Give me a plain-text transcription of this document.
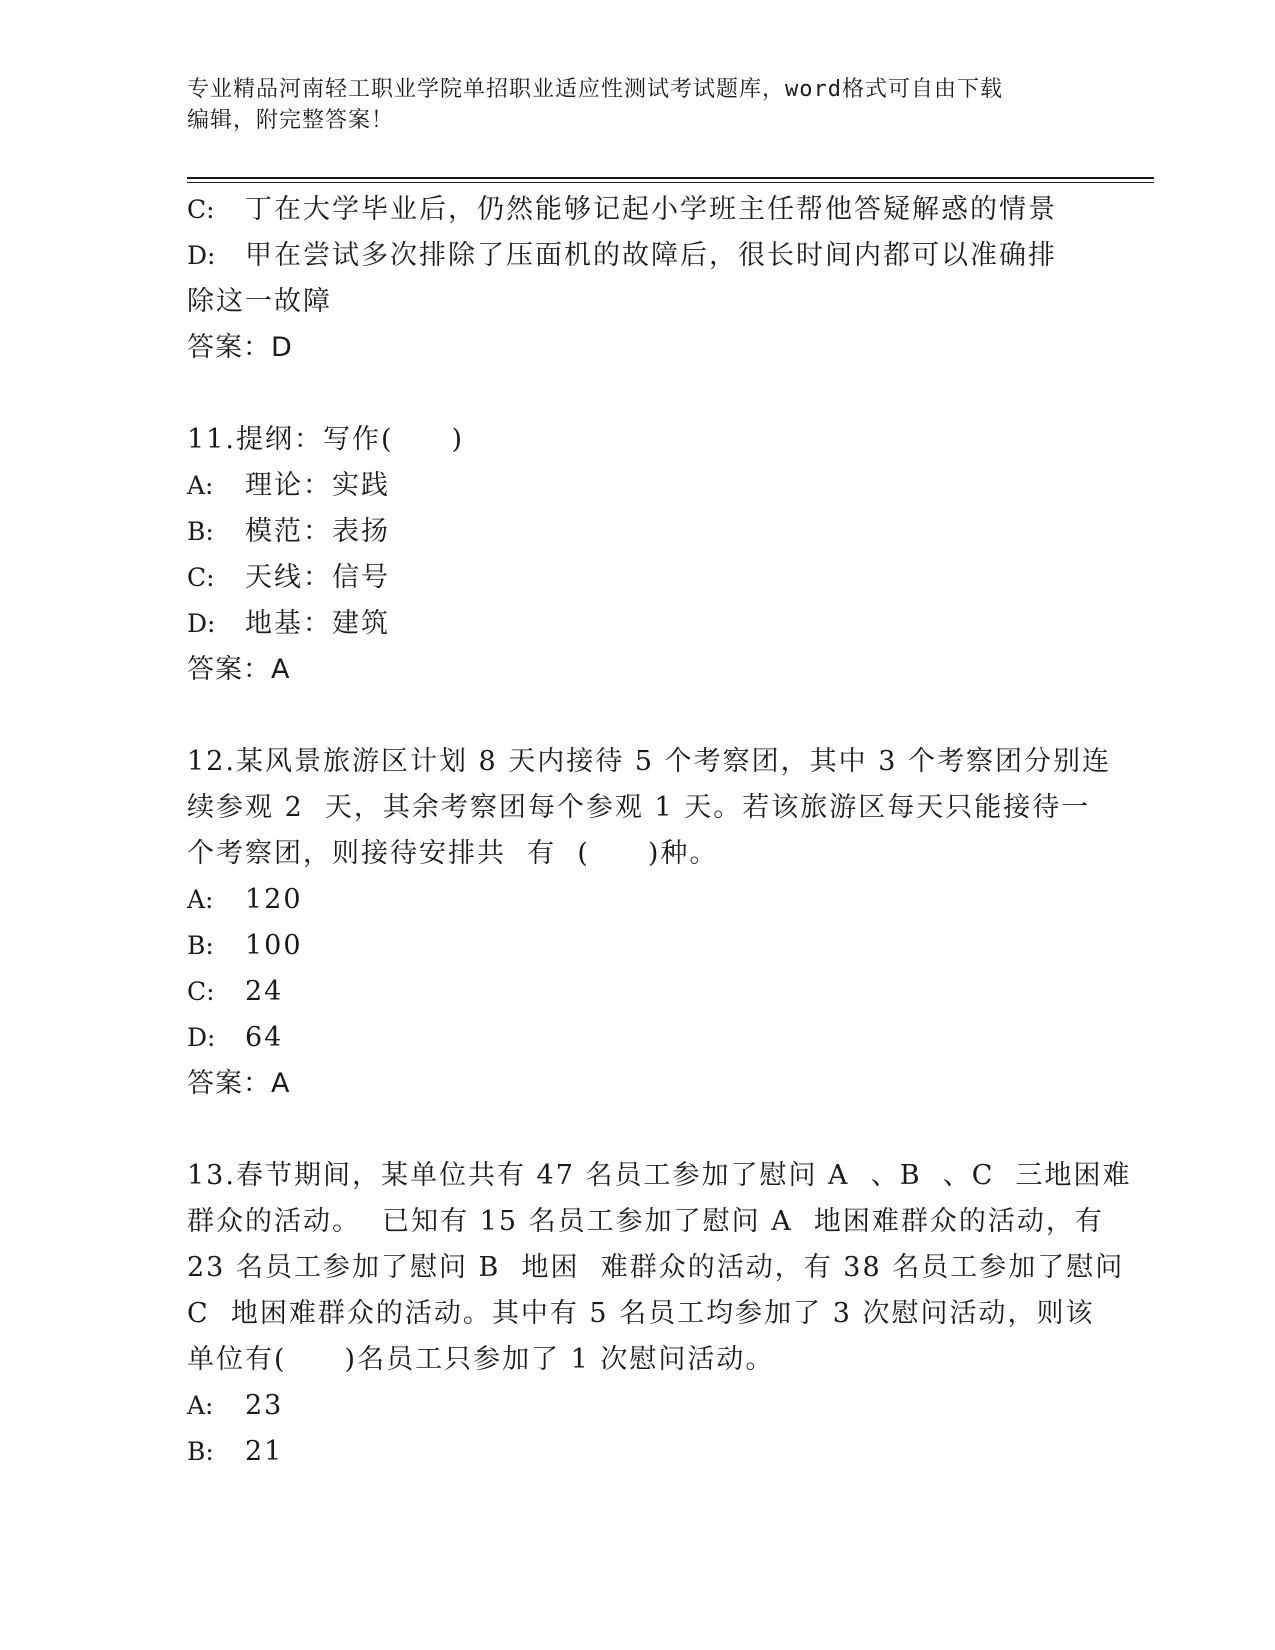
专业精品河南轻工职业学院单招职业适应性测试考试题库，word格式可自由下载
编辑，附完整答案！
C: 丁在大学毕业后，仍然能够记起小学班主任帮他答疑解惑的情景
D: 甲在尝试多次排除了压面机的故障后，很长时间内都可以准确排
除这一故障
答案：D
11.提纲：写作(　　)
A: 理论：实践
B: 模范：表扬
C: 天线：信号
D: 地基：建筑
答案：A
12.某风景旅游区计划 8 天内接待 5 个考察团，其中 3 个考察团分别连
续参观 2  天，其余考察团每个参观 1 天。若该旅游区每天只能接待一
个考察团，则接待安排共  有  (　　)种。
A: 120
B: 100
C: 24
D: 64
答案：A
13.春节期间，某单位共有 47 名员工参加了慰问 A  、B  、C  三地困难
群众的活动。  已知有 15 名员工参加了慰问 A  地困难群众的活动，有
23 名员工参加了慰问 B  地困  难群众的活动，有 38 名员工参加了慰问
C  地困难群众的活动。其中有 5 名员工均参加了 3 次慰问活动，则该
单位有(　　)名员工只参加了 1 次慰问活动。
A: 23
B: 21
